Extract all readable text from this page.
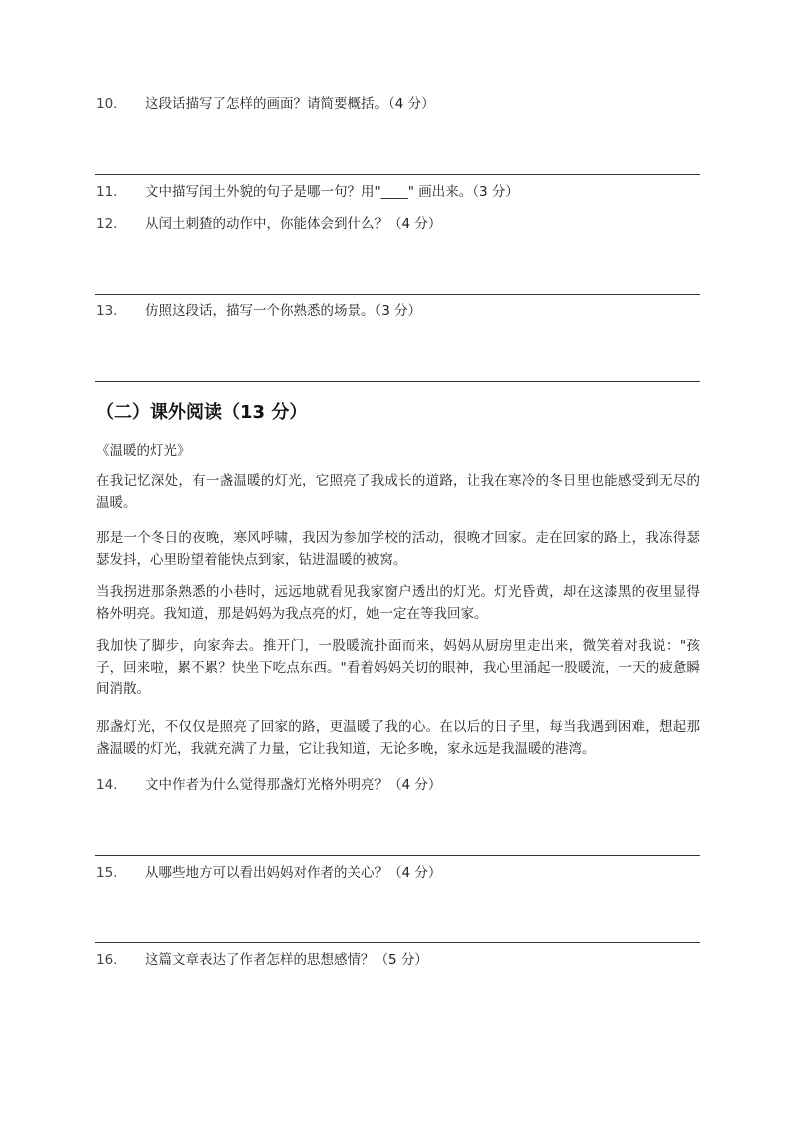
10. 这段话描写了怎样的画面？请简要概括。（4 分）
11. 文中描写闰土外貌的句子是哪一句？用"____" 画出来。（3 分）
12. 从闰土刺猹的动作中，你能体会到什么？（4 分）
13. 仿照这段话，描写一个你熟悉的场景。（3 分）
（二）课外阅读（13 分）
《温暖的灯光》

在我记忆深处，有一盏温暖的灯光，它照亮了我成长的道路，让我在寒冷的冬日里也能感受到无尽的温暖。

那是一个冬日的夜晚，寒风呼啸，我因为参加学校的活动，很晚才回家。走在回家的路上，我冻得瑟瑟发抖，心里盼望着能快点到家，钻进温暖的被窝。

当我拐进那条熟悉的小巷时，远远地就看见我家窗户透出的灯光。灯光昏黄，却在这漆黑的夜里显得格外明亮。我知道，那是妈妈为我点亮的灯，她一定在等我回家。

我加快了脚步，向家奔去。推开门，一股暖流扑面而来，妈妈从厨房里走出来，微笑着对我说："孩子，回来啦，累不累？快坐下吃点东西。"看着妈妈关切的眼神，我心里涌起一股暖流，一天的疲惫瞬间消散。

那盏灯光，不仅仅是照亮了回家的路，更温暖了我的心。在以后的日子里，每当我遇到困难，想起那盏温暖的灯光，我就充满了力量，它让我知道，无论多晚，家永远是我温暖的港湾。

14. 文中作者为什么觉得那盏灯光格外明亮？（4 分）
15. 从哪些地方可以看出妈妈对作者的关心？（4 分）
16. 这篇文章表达了作者怎样的思想感情？（5 分）
